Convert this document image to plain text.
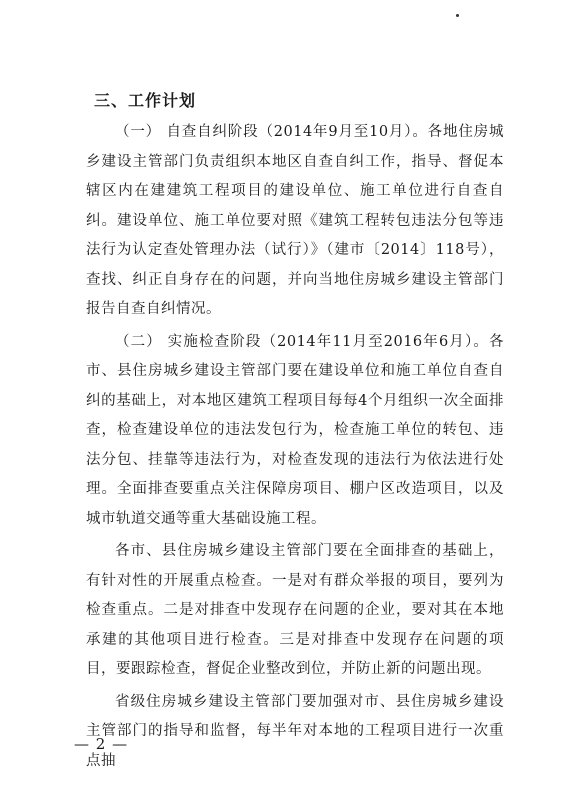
三、工作计划

（一） 自查自纠阶段（2014年9月至10月）。各地住房城乡建设主管部门负责组织本地区自查自纠工作，指导、督促本辖区内在建建筑工程项目的建设单位、施工单位进行自查自纠。建设单位、施工单位要对照《建筑工程转包违法分包等违法行为认定查处管理办法（试行）》（建市〔2014〕118号），查找、纠正自身存在的问题，并向当地住房城乡建设主管部门报告自查自纠情况。

（二） 实施检查阶段（2014年11月至2016年6月）。各市、县住房城乡建设主管部门要在建设单位和施工单位自查自纠的基础上，对本地区建筑工程项目每每4个月组织一次全面排查，检查建设单位的违法发包行为，检查施工单位的转包、违法分包、挂靠等违法行为，对检查发现的违法行为依法进行处理。全面排查要重点关注保障房项目、棚户区改造项目，以及城市轨道交通等重大基础设施工程。

各市、县住房城乡建设主管部门要在全面排查的基础上，有针对性的开展重点检查。一是对有群众举报的项目，要列为检查重点。二是对排查中发现存在问题的企业，要对其在本地承建的其他项目进行检查。三是对排查中发现存在问题的项目，要跟踪检查，督促企业整改到位，并防止新的问题出现。

省级住房城乡建设主管部门要加强对市、县住房城乡建设主管部门的指导和监督，每半年对本地的工程项目进行一次重点抽

— 2 —
